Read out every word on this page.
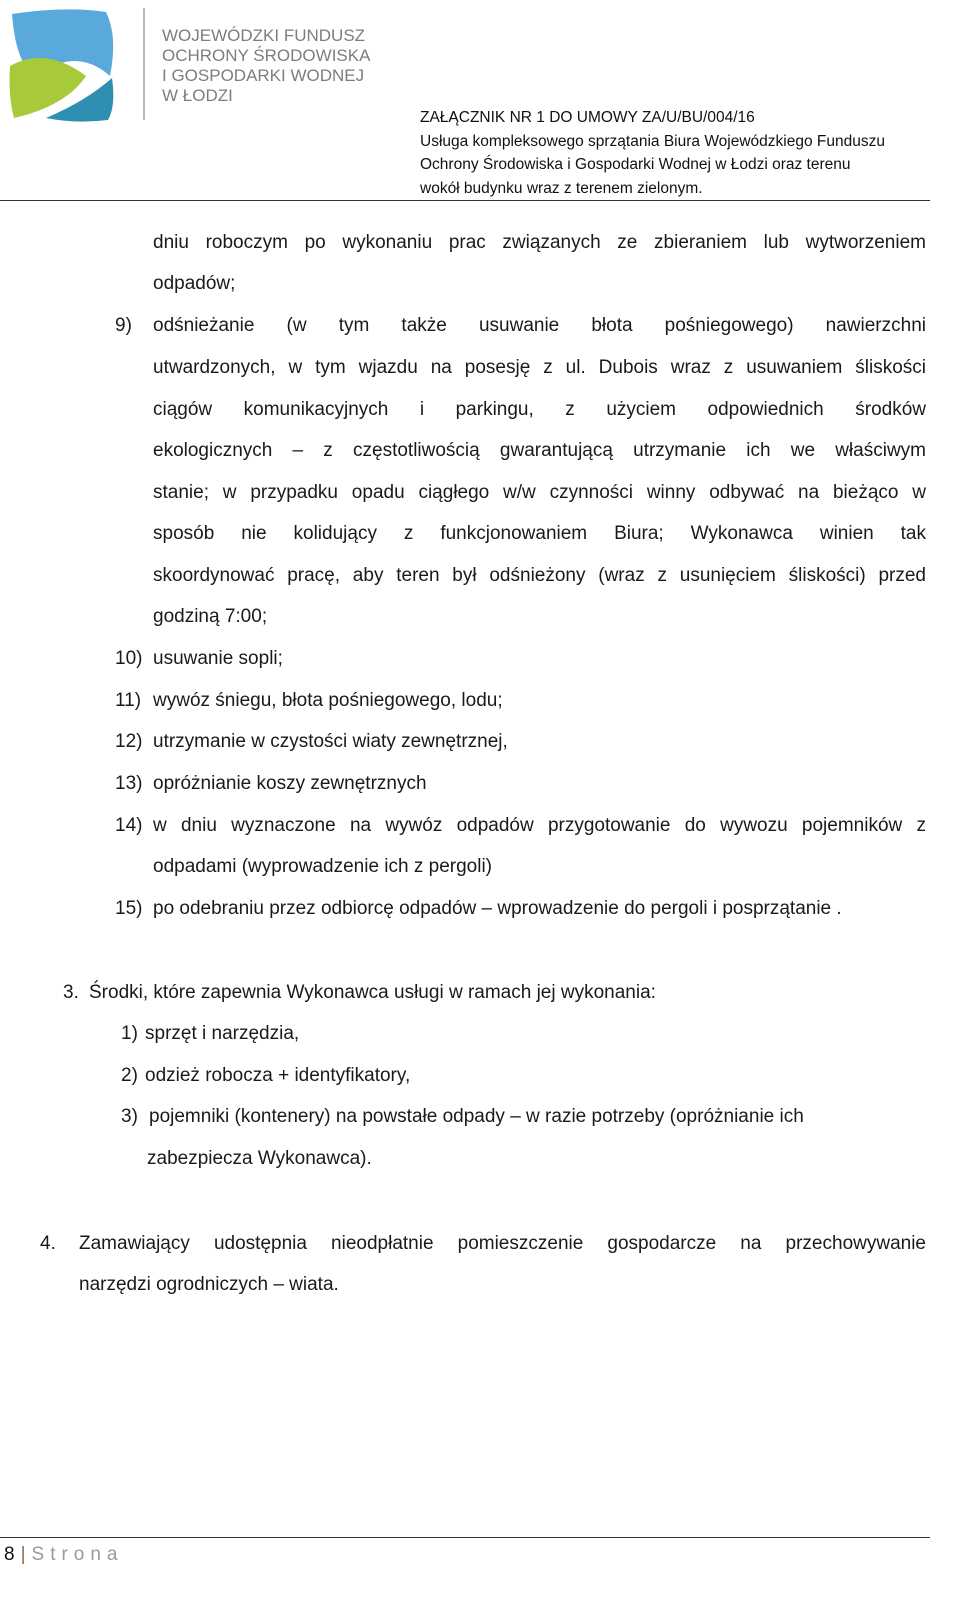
WOJEWÓDZKI FUNDUSZ
OCHRONY ŚRODOWISKA
I GOSPODARKI WODNEJ
W ŁODZI
ZAŁĄCZNIK NR 1 DO UMOWY ZA/U/BU/004/16
Usługa kompleksowego sprzątania Biura Wojewódzkiego Funduszu
Ochrony Środowiska i Gospodarki Wodnej w Łodzi oraz terenu
wokół budynku wraz z terenem zielonym.
dniu roboczym po wykonaniu prac związanych ze zbieraniem lub wytworzeniem
odpadów;
9) odśnieżanie (w tym także usuwanie błota pośniegowego) nawierzchni
utwardzonych, w tym wjazdu na posesję z ul. Dubois wraz z usuwaniem śliskości
ciągów komunikacyjnych i parkingu, z użyciem odpowiednich środków
ekologicznych – z częstotliwością gwarantującą utrzymanie ich we właściwym
stanie; w przypadku opadu ciągłego w/w czynności winny odbywać na bieżąco w
sposób nie kolidujący z funkcjonowaniem Biura; Wykonawca winien tak
skoordynować pracę, aby teren był odśnieżony (wraz z usunięciem śliskości) przed
godziną 7:00;
10) usuwanie sopli;
11) wywóz śniegu, błota pośniegowego, lodu;
12) utrzymanie w czystości wiaty zewnętrznej,
13) opróżnianie koszy zewnętrznych
14) w dniu wyznaczone na wywóz odpadów przygotowanie do wywozu pojemników z
odpadami (wyprowadzenie ich z pergoli)
15) po odebraniu przez odbiorcę odpadów – wprowadzenie do pergoli i posprzątanie .
3. Środki, które zapewnia Wykonawca usługi w ramach jej wykonania:
1) sprzęt i narzędzia,
2) odzież robocza + identyfikatory,
3) pojemniki (kontenery) na powstałe odpady – w razie potrzeby (opróżnianie ich
zabezpiecza Wykonawca).
4. Zamawiający udostępnia nieodpłatnie pomieszczenie gospodarcze na przechowywanie
narzędzi ogrodniczych – wiata.
8 | Strona
